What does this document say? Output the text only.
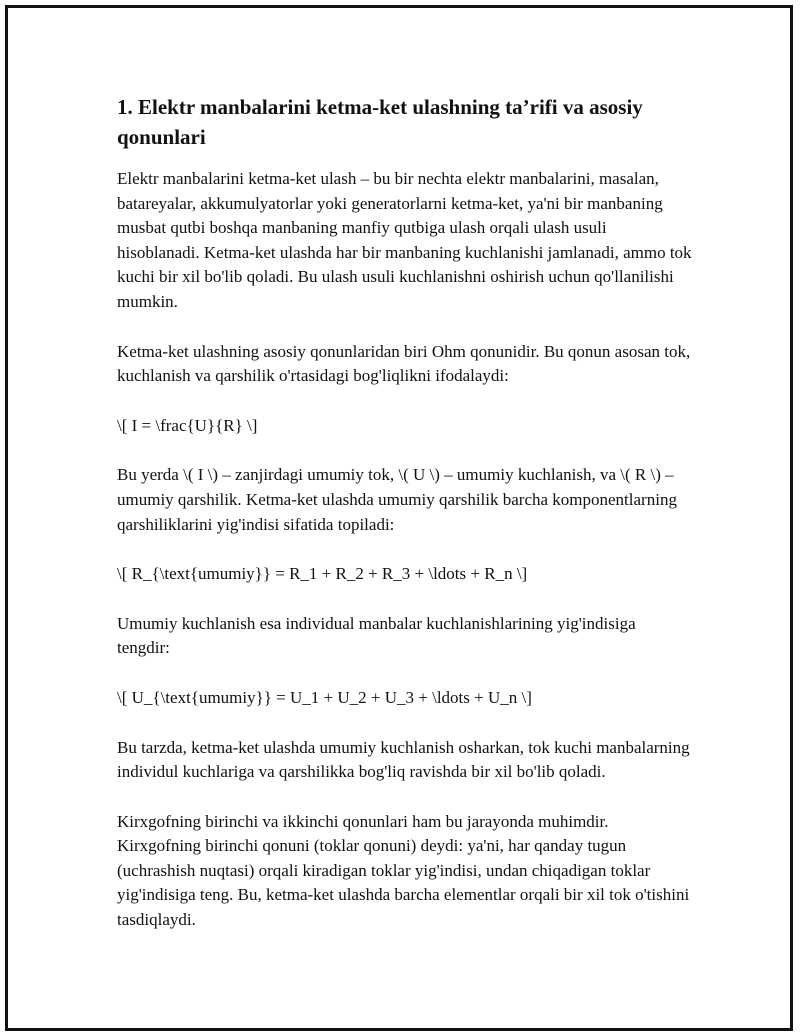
1. Elektr manbalarini ketma-ket ulashning ta’rifi va asosiy qonunlari

Elektr manbalarini ketma-ket ulash – bu bir nechta elektr manbalarini, masalan, batareyalar, akkumulyatorlar yoki generatorlarni ketma-ket, ya'ni bir manbaning musbat qutbi boshqa manbaning manfiy qutbiga ulash orqali ulash usuli hisoblanadi. Ketma-ket ulashda har bir manbaning kuchlanishi jamlanadi, ammo tok kuchi bir xil bo'lib qoladi. Bu ulash usuli kuchlanishni oshirish uchun qo'llanilishi mumkin.

Ketma-ket ulashning asosiy qonunlaridan biri Ohm qonunidir. Bu qonun asosan tok, kuchlanish va qarshilik o'rtasidagi bog'liqlikni ifodalaydi:

\[ I = \frac{U}{R} \]

Bu yerda \( I \) – zanjirdagi umumiy tok, \( U \) – umumiy kuchlanish, va \( R \) – umumiy qarshilik. Ketma-ket ulashda umumiy qarshilik barcha komponentlarning qarshiliklarini yig'indisi sifatida topiladi:

\[ R_{\text{umumiy}} = R_1 + R_2 + R_3 + \ldots + R_n \]

Umumiy kuchlanish esa individual manbalar kuchlanishlarining yig'indisiga tengdir:

\[ U_{\text{umumiy}} = U_1 + U_2 + U_3 + \ldots + U_n \]

Bu tarzda, ketma-ket ulashda umumiy kuchlanish osharkan, tok kuchi manbalarning individul kuchlariga va qarshilikka bog'liq ravishda bir xil bo'lib qoladi.

Kirxgofning birinchi va ikkinchi qonunlari ham bu jarayonda muhimdir. Kirxgofning birinchi qonuni (toklar qonuni) deydi: ya'ni, har qanday tugun (uchrashish nuqtasi) orqali kiradigan toklar yig'indisi, undan chiqadigan toklar yig'indisiga teng. Bu, ketma-ket ulashda barcha elementlar orqali bir xil tok o'tishini tasdiqlaydi.
